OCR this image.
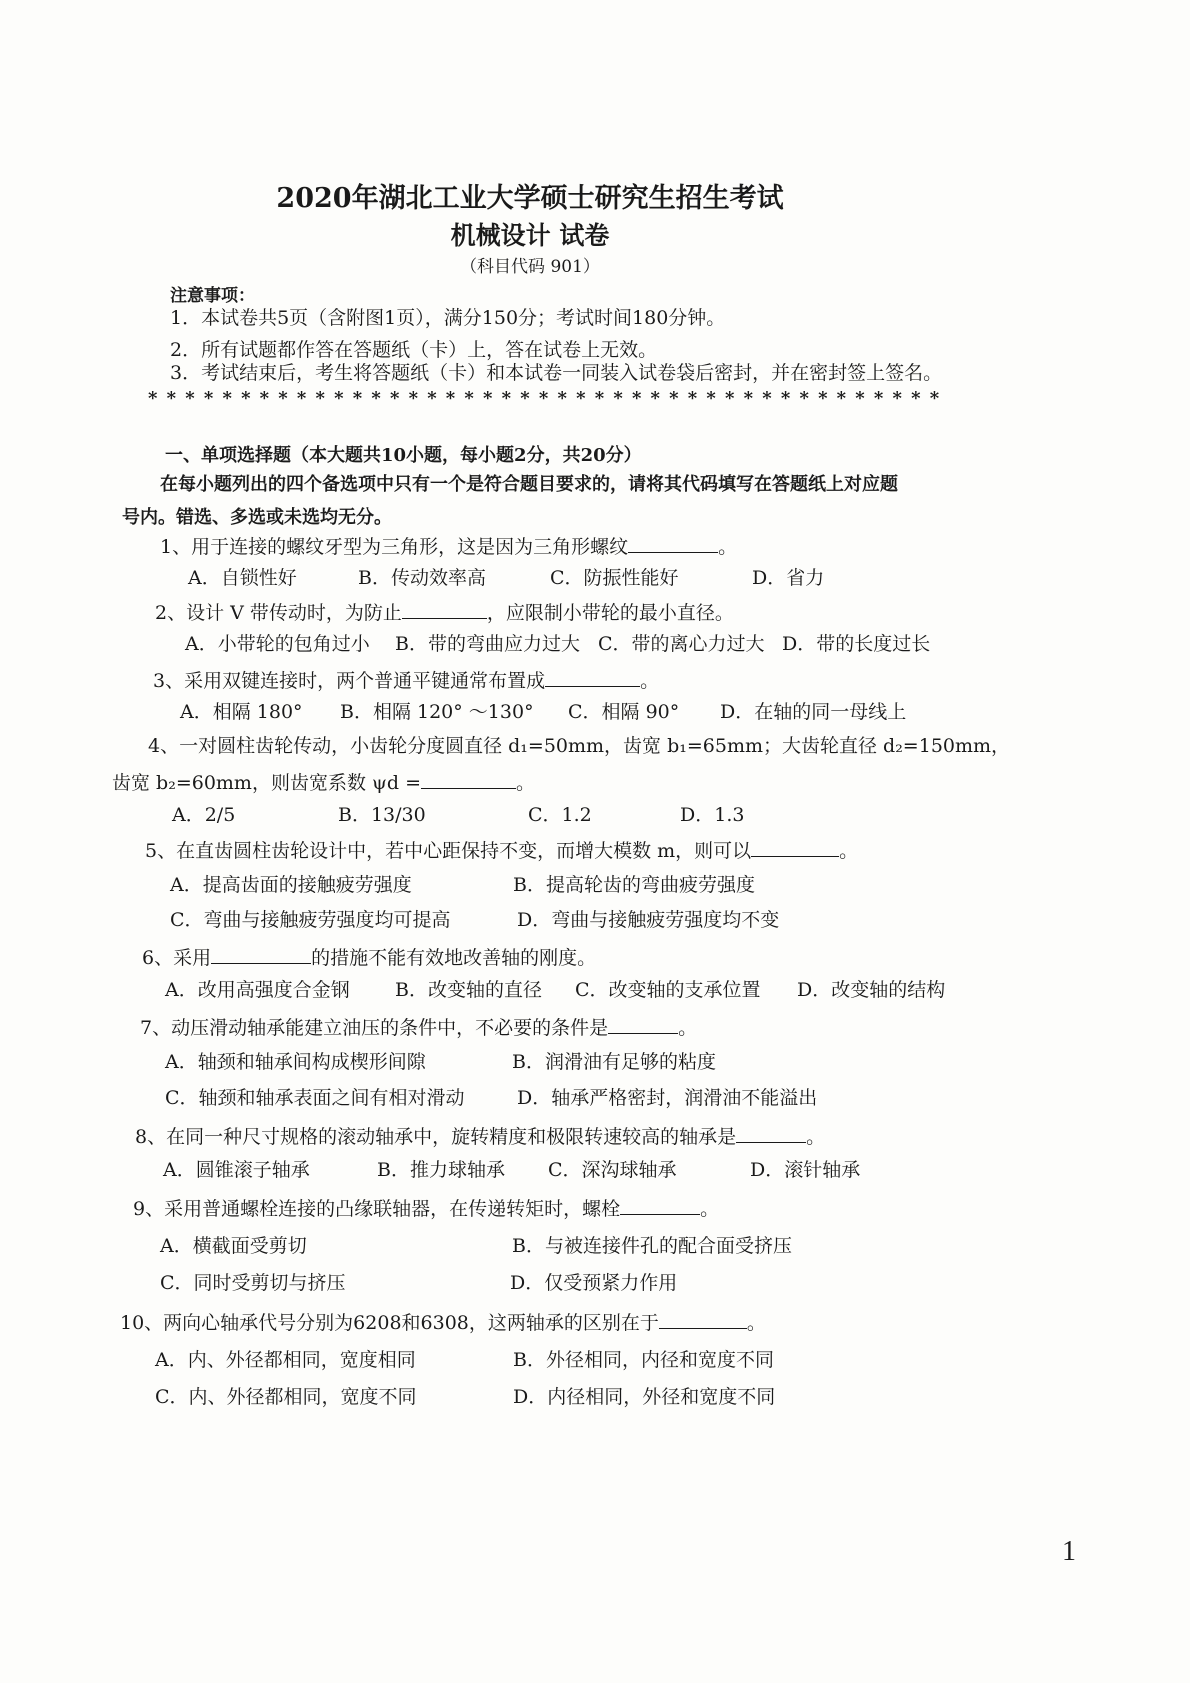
2020年湖北工业大学硕士研究生招生考试
机械设计 试卷
（科目代码 901）
注意事项：
1．本试卷共5页（含附图1页），满分150分；考试时间180分钟。
2．所有试题都作答在答题纸（卡）上，答在试卷上无效。
3．考试结束后，考生将答题纸（卡）和本试卷一同装入试卷袋后密封，并在密封签上签名。
*******************************************
一、单项选择题（本大题共10小题，每小题2分，共20分）
在每小题列出的四个备选项中只有一个是符合题目要求的，请将其代码填写在答题纸上对应题
号内。错选、多选或未选均无分。
1、用于连接的螺纹牙型为三角形，这是因为三角形螺纹	。
A．自锁性好	B．传动效率高	C．防振性能好	D．省力
2、设计 V 带传动时，为防止	，应限制小带轮的最小直径。
A．小带轮的包角过小 B．带的弯曲应力过大 C．带的离心力过大 D．带的长度过长
3、采用双键连接时，两个普通平键通常布置成	。
A．相隔 180° B．相隔 120° ～130° C．相隔 90° D．在轴的同一母线上
4、一对圆柱齿轮传动，小齿轮分度圆直径 d₁=50mm，齿宽 b₁=65mm；大齿轮直径 d₂=150mm，
齿宽 b₂=60mm，则齿宽系数 ψd =	。
A．2/5	B．13/30	C．1.2	D．1.3
5、在直齿圆柱齿轮设计中，若中心距保持不变，而增大模数 m，则可以	。
A．提高齿面的接触疲劳强度	B．提高轮齿的弯曲疲劳强度
C．弯曲与接触疲劳强度均可提高	D．弯曲与接触疲劳强度均不变
6、采用	的措施不能有效地改善轴的刚度。
A．改用高强度合金钢 B．改变轴的直径 C．改变轴的支承位置 D．改变轴的结构
7、动压滑动轴承能建立油压的条件中，不必要的条件是	。
A．轴颈和轴承间构成楔形间隙	B．润滑油有足够的粘度
C．轴颈和轴承表面之间有相对滑动	D．轴承严格密封，润滑油不能溢出
8、在同一种尺寸规格的滚动轴承中，旋转精度和极限转速较高的轴承是	。
A．圆锥滚子轴承	B．推力球轴承 C．深沟球轴承	D．滚针轴承
9、采用普通螺栓连接的凸缘联轴器，在传递转矩时，螺栓	。
A．横截面受剪切	B．与被连接件孔的配合面受挤压
C．同时受剪切与挤压	D．仅受预紧力作用
10、两向心轴承代号分别为6208和6308，这两轴承的区别在于	。
A．内、外径都相同，宽度相同	B．外径相同，内径和宽度不同
C．内、外径都相同，宽度不同	D．内径相同，外径和宽度不同
1
